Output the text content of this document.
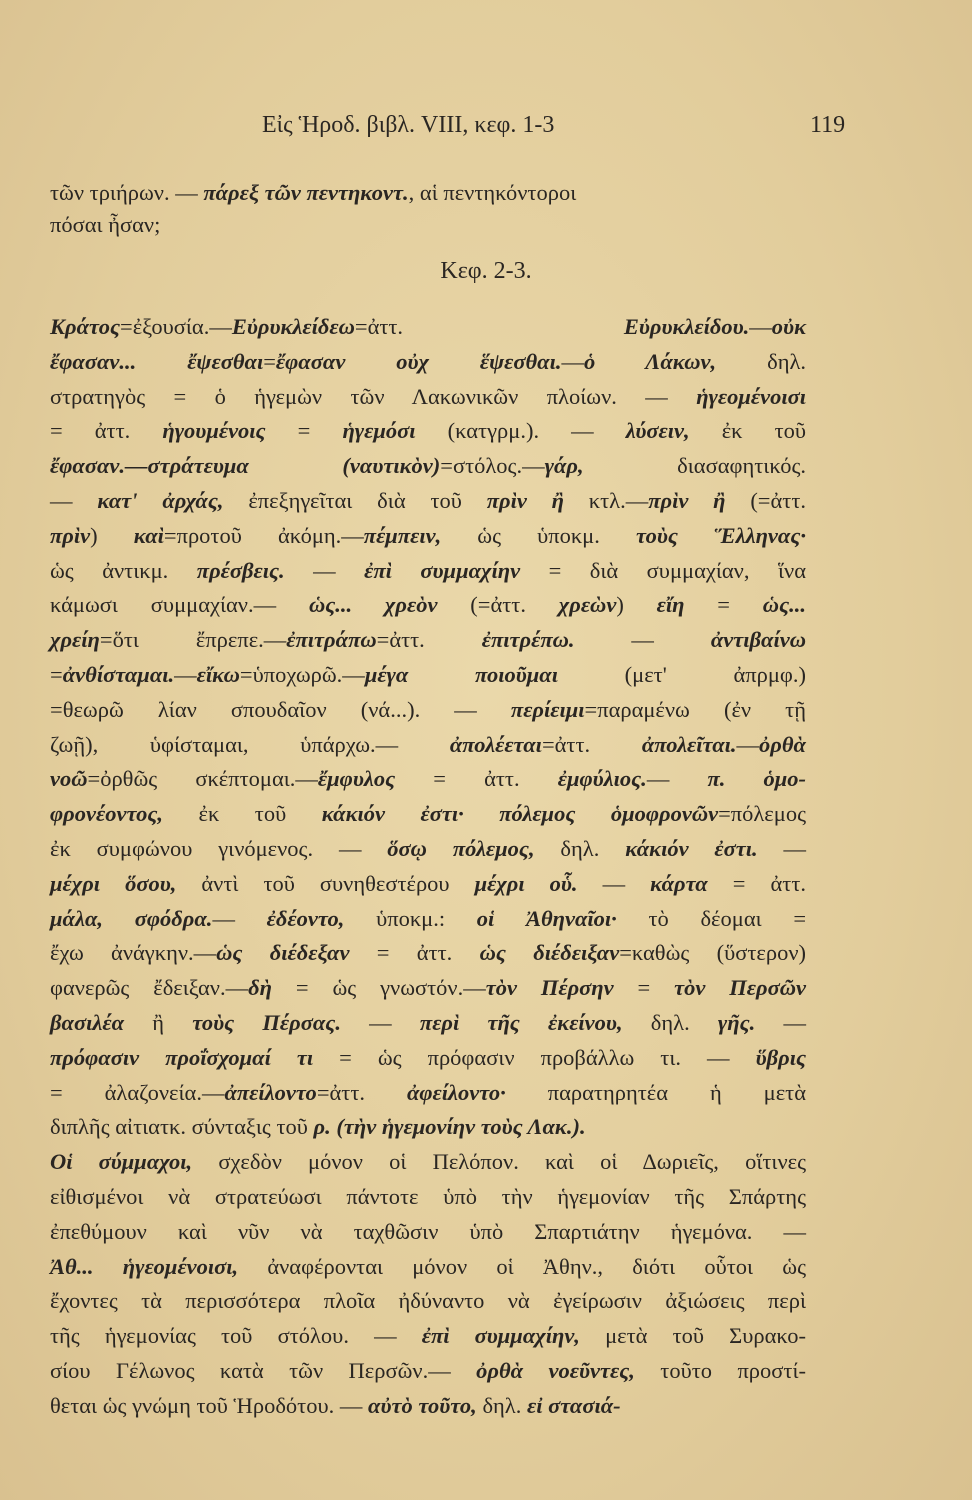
Εἰς Ἡροδ. βιβλ. VIII, κεφ. 1-3	119
τῶν τριήρων. — πάρεξ τῶν πεντηκοντ., αἱ πεντηκόντοροι
πόσαι ἦσαν;
Κεφ. 2-3.
Κράτος=ἐξουσία.—Εὐρυκλείδεω=ἀττ. Εὐρυκλείδου.—οὐκ
ἔφασαν... ἔψεσθαι=ἔφασαν οὐχ ἕψεσθαι.—ὁ Λάκων, δηλ.
στρατηγὸς = ὁ ἡγεμὼν τῶν Λακωνικῶν πλοίων. — ἡγεομένοισι
= ἀττ. ἡγουμένοις = ἡγεμόσι (κατγρμ.). — λύσειν, ἐκ τοῦ
ἔφασαν.—στράτευμα (ναυτικὸν)=στόλος.—γάρ, διασαφητικός.
— κατ' ἀρχάς, ἐπεξηγεῖται διὰ τοῦ πρὶν ἢ κτλ.—πρὶν ἢ (=ἀττ.
πρὶν) καὶ=προτοῦ ἀκόμη.—πέμπειν, ὡς ὑποκμ. τοὺς Ἕλληνας·
ὡς ἀντικμ. πρέσβεις. — ἐπὶ συμμαχίην = διὰ συμμαχίαν, ἵνα
κάμωσι συμμαχίαν.— ὡς... χρεὸν (=ἀττ. χρεὼν) εἴη = ὡς...
χρείη=ὅτι ἔπρεπε.—ἐπιτράπω=ἀττ. ἐπιτρέπω. — ἀντιβαίνω
=ἀνθίσταμαι.—εἴκω=ὑποχωρῶ.—μέγα ποιοῦμαι (μετ' ἀπρμφ.)
=θεωρῶ λίαν σπουδαῖον (νά...). — περίειμι=παραμένω (ἐν τῇ
ζωῇ), ὑφίσταμαι, ὑπάρχω.— ἀπολέεται=ἀττ. ἀπολεῖται.—ὀρθὰ
νοῶ=ὀρθῶς σκέπτομαι.—ἔμφυλος = ἀττ. ἐμφύλιος.— π. ὁμο-
φρονέοντος, ἐκ τοῦ κάκιόν ἐστι· πόλεμος ὁμοφρονῶν=πόλεμος
ἐκ συμφώνου γινόμενος. — ὅσῳ πόλεμος, δηλ. κάκιόν ἐστι. —
μέχρι ὅσου, ἀντὶ τοῦ συνηθεστέρου μέχρι οὗ. — κάρτα = ἀττ.
μάλα, σφόδρα.— ἐδέοντο, ὑποκμ.: οἱ Ἀθηναῖοι· τὸ δέομαι =
ἔχω ἀνάγκην.—ὡς διέδεξαν = ἀττ. ὡς διέδειξαν=καθὼς (ὕστερον)
φανερῶς ἔδειξαν.—δὴ = ὡς γνωστόν.—τὸν Πέρσην = τὸν Περσῶν
βασιλέα ἢ τοὺς Πέρσας. — περὶ τῆς ἐκείνου, δηλ. γῆς. —
πρόφασιν προΐσχομαί τι = ὡς πρόφασιν προβάλλω τι. — ὕβρις
= ἀλαζονεία.—ἀπείλοντο=ἀττ. ἀφείλοντο· παρατηρητέα ἡ μετὰ
διπλῆς αἰτιατκ. σύνταξις τοῦ ρ. (τὴν ἡγεμονίην τοὺς Λακ.).
Οἱ σύμμαχοι, σχεδὸν μόνον οἱ Πελόπον. καὶ οἱ Δωριεῖς, οἵτινες
εἰθισμένοι νὰ στρατεύωσι πάντοτε ὑπὸ τὴν ἡγεμονίαν τῆς Σπάρτης
ἐπεθύμουν καὶ νῦν νὰ ταχθῶσιν ὑπὸ Σπαρτιάτην ἡγεμόνα. —
Ἀθ... ἡγεομένοισι, ἀναφέρονται μόνον οἱ Ἀθην., διότι οὗτοι ὡς
ἔχοντες τὰ περισσότερα πλοῖα ἠδύναντο νὰ ἐγείρωσιν ἀξιώσεις περὶ
τῆς ἡγεμονίας τοῦ στόλου. — ἐπὶ συμμαχίην, μετὰ τοῦ Συρακο-
σίου Γέλωνος κατὰ τῶν Περσῶν.— ὀρθὰ νοεῦντες, τοῦτο προστί-
θεται ὡς γνώμη τοῦ Ἡροδότου. — αὐτὸ τοῦτο, δηλ. εἰ στασιά-
